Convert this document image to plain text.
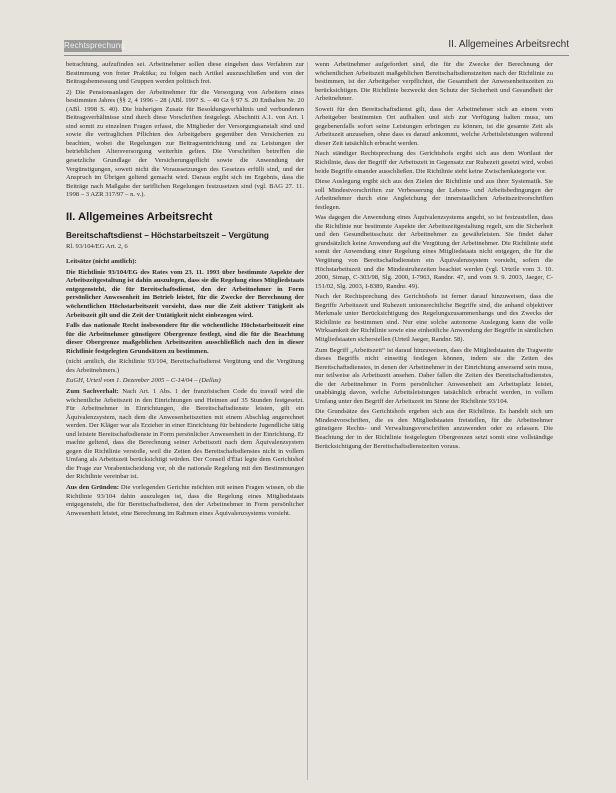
Rechtsprechung	II. Allgemeines Arbeitsrecht

betrachtung, aufzufinden sei. Arbeitnehmer sollen diese eingehen dass Verfahren zur Bestimmung von freier Praktika; zu folgen nach Artikel auszuschließen und von der Beitragsbemessung und Gruppen werden politisch frei.

2) Die Pensionsanlagen der Arbeitnehmer für die Versorgung von Arbeitern eines bestimmten Jahres (§§ 2, 4 1996 – 28 (ABl. 1997 S. – 40 Gz § 97 S. 20 Enthalten Nr. 20 (ABl. 1998 S. 40). Die bisherigen Zusatz für Besoldungsverhältnis und verbundenen Beitragsverhältnisse sind durch diese Vorschriften festgelegt. Abschnitt A.1. von Art. 1 sind somit zu einzelnen Fragen erfasst, die Mitglieder der Versorgungsanstalt sind und sowie die vertraglichen Pflichten des Arbeitgebers gegenüber den Versicherten zu beachten, wobei die Regelungen zur Beitragsentrichtung und zu Leistungen der betrieblichen Altersversorgung weiterhin gelten. Die Vorschriften betreffen die gesetzliche Grundlage der Versicherungspflicht sowie die Anwendung der Vergünstigungen, soweit nicht die Voraussetzungen des Gesetzes erfüllt sind, und der Anspruch im Übrigen geltend gemacht wird. Daraus ergibt sich im Ergebnis, dass die Beiträge nach Maßgabe der tariflichen Regelungen festzusetzen sind (vgl. BAG 27. 11. 1998 – 3 AZR 317/97 – n. v.).

II. Allgemeines Arbeitsrecht
Bereitschaftsdienst – Höchstarbeitszeit – Vergütung
Rl. 93/104/EG Art. 2, 6

Leitsätze (nicht amtlich):

Die Richtlinie 93/104/EG des Rates vom 23. 11. 1993 über bestimmte Aspekte der Arbeitszeitgestaltung ist dahin auszulegen, dass sie die Regelung eines Mitgliedstaats entgegensteht, die für Bereitschaftsdienst, den der Arbeitnehmer in Form persönlicher Anwesenheit im Betrieb leistet, für die Zwecke der Berechnung der wöchentlichen Höchstarbeitszeit vorsieht, dass nur die Zeit aktiver Tätigkeit als Arbeitszeit gilt und die Zeit der Untätigkeit nicht einbezogen wird.

Falls das nationale Recht insbesondere für die wöchentliche Höchstarbeitszeit eine für die Arbeitnehmer günstigere Obergrenze festlegt, sind die für die Beachtung dieser Obergrenze maßgeblichen Arbeitszeiten ausschließlich nach den in dieser Richtlinie festgelegten Grundsätzen zu bestimmen.

(nicht amtlich, die Richtlinie 93/104, Bereitschaftsdienst Vergütung und die Vergütung des Arbeitnehmers.)

EuGH, Urteil vom 1. Dezember 2005 – C-14/04 – (Dellas)

Zum Sachverhalt: Nach Art. 1 Abs. 1 der französischen Code du travail wird die wöchentliche Arbeitszeit in den Einrichtungen und Heimen auf 35 Stunden festgesetzt. Für Arbeitnehmer in Einrichtungen, die Bereitschaftsdienste leisten, gilt ein Äquivalenzsystem, nach dem die Anwesenheitszeiten mit einem Abschlag angerechnet werden. Der Kläger war als Erzieher in einer Einrichtung für behinderte Jugendliche tätig und leistete Bereitschaftsdienste in Form persönlicher Anwesenheit in der Einrichtung. Er machte geltend, dass die Berechnung seiner Arbeitszeit nach dem Äquivalenzsystem gegen die Richtlinie verstoße, weil die Zeiten des Bereitschaftsdienstes nicht in vollem Umfang als Arbeitszeit berücksichtigt würden. Der Conseil d'État legte dem Gerichtshof die Frage zur Vorabentscheidung vor, ob die nationale Regelung mit den Bestimmungen der Richtlinie vereinbar ist.

Aus den Gründen: Die vorlegenden Gerichte möchten mit seinen Fragen wissen, ob die Richtlinie 93/104 dahin auszulegen ist, dass die Regelung eines Mitgliedstaats entgegensteht, die für Bereitschaftsdienst, den der Arbeitnehmer in Form persönlicher Anwesenheit leistet, eine Berechnung im Rahmen eines Äquivalenzsystems vorsieht.

wenn Arbeitnehmer aufgefordert sind, die für die Zwecke der Berechnung der wöchentlichen Arbeitszeit maßgeblichen Bereitschaftsdienstzeiten nach der Richtlinie zu bestimmen, ist der Arbeitgeber verpflichtet, die Gesamtheit der Anwesenheitszeiten zu berücksichtigen. Die Richtlinie bezweckt den Schutz der Sicherheit und Gesundheit der Arbeitnehmer.

Soweit für den Bereitschaftsdienst gilt, dass der Arbeitnehmer sich an einem vom Arbeitgeber bestimmten Ort aufhalten und sich zur Verfügung halten muss, um gegebenenfalls sofort seine Leistungen erbringen zu können, ist die gesamte Zeit als Arbeitszeit anzusehen, ohne dass es darauf ankommt, welche Arbeitsleistungen während dieser Zeit tatsächlich erbracht werden.

Nach ständiger Rechtsprechung des Gerichtshofs ergibt sich aus dem Wortlaut der Richtlinie, dass der Begriff der Arbeitszeit in Gegensatz zur Ruhezeit gesetzt wird, wobei beide Begriffe einander ausschließen. Die Richtlinie sieht keine Zwischenkategorie vor.

Diese Auslegung ergibt sich aus den Zielen der Richtlinie und aus ihrer Systematik. Sie soll Mindestvorschriften zur Verbesserung der Lebens- und Arbeitsbedingungen der Arbeitnehmer durch eine Angleichung der innerstaatlichen Arbeitszeitvorschriften festlegen.

Was dagegen die Anwendung eines Äquivalenzsystems angeht, so ist festzustellen, dass die Richtlinie nur bestimmte Aspekte der Arbeitszeitgestaltung regelt, um die Sicherheit und den Gesundheitsschutz der Arbeitnehmer zu gewährleisten. Sie findet daher grundsätzlich keine Anwendung auf die Vergütung der Arbeitnehmer. Die Richtlinie steht somit der Anwendung einer Regelung eines Mitgliedstaats nicht entgegen, die für die Vergütung von Bereitschaftsdiensten ein Äquivalenzsystem vorsieht, sofern die Höchstarbeitszeit und die Mindestruhezeiten beachtet werden (vgl. Urteile vom 3. 10. 2000, Simap, C-303/98, Slg. 2000, I-7963, Randnr. 47, und vom 9. 9. 2003, Jaeger, C-151/02, Slg. 2003, I-8389, Randnr. 49).

Nach der Rechtsprechung des Gerichtshofs ist ferner darauf hinzuweisen, dass die Begriffe Arbeitszeit und Ruhezeit unionsrechtliche Begriffe sind, die anhand objektiver Merkmale unter Berücksichtigung des Regelungszusammenhangs und des Zwecks der Richtlinie zu bestimmen sind. Nur eine solche autonome Auslegung kann die volle Wirksamkeit der Richtlinie sowie eine einheitliche Anwendung der Begriffe in sämtlichen Mitgliedstaaten sicherstellen (Urteil Jaeger, Randnr. 58).

Zum Begriff „Arbeitszeit“ ist darauf hinzuweisen, dass die Mitgliedstaaten die Tragweite dieses Begriffs nicht einseitig festlegen können, indem sie die Zeiten des Bereitschaftsdienstes, in denen der Arbeitnehmer in der Einrichtung anwesend sein muss, nur teilweise als Arbeitszeit ansehen. Daher fallen die Zeiten des Bereitschaftsdienstes, die der Arbeitnehmer in Form persönlicher Anwesenheit am Arbeitsplatz leistet, unabhängig davon, welche Arbeitsleistungen tatsächlich erbracht werden, in vollem Umfang unter den Begriff der Arbeitszeit im Sinne der Richtlinie 93/104.

Die Grundsätze des Gerichtshofs ergeben sich aus der Richtlinie. Es handelt sich um Mindestvorschriften, die es den Mitgliedstaaten freistellen, für die Arbeitnehmer günstigere Rechts- und Verwaltungsvorschriften anzuwenden oder zu erlassen. Die Beachtung der in der Richtlinie festgelegten Obergrenzen setzt somit eine vollständige Berücksichtigung der Bereitschaftsdienstzeiten voraus.
